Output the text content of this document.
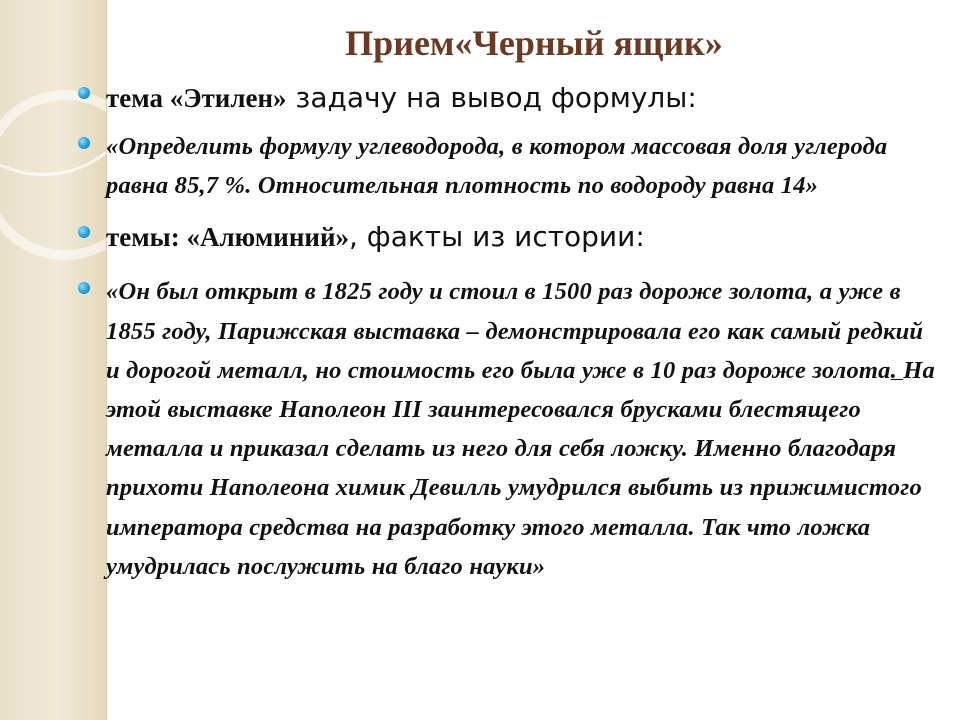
Прием«Черный ящик»
тема «Этилен» задачу на вывод формулы:
«Определить формулу углеводорода, в котором массовая доля углерода равна 85,7 %. Относительная плотность по водороду равна 14»
темы: «Алюминий», факты из истории:
«Он был открыт в 1825 году и стоил в 1500 раз дороже золота, а уже в 1855 году, Парижская выставка – демонстрировала его как самый редкий и дорогой металл, но стоимость его была уже в 10 раз дороже золота. На этой выставке Наполеон III заинтересовался брусками блестящего металла и приказал сделать из него для себя ложку. Именно благодаря прихоти Наполеона химик Девилль умудрился выбить из прижимистого императора средства на разработку этого металла. Так что ложка умудрилась послужить на благо науки»
